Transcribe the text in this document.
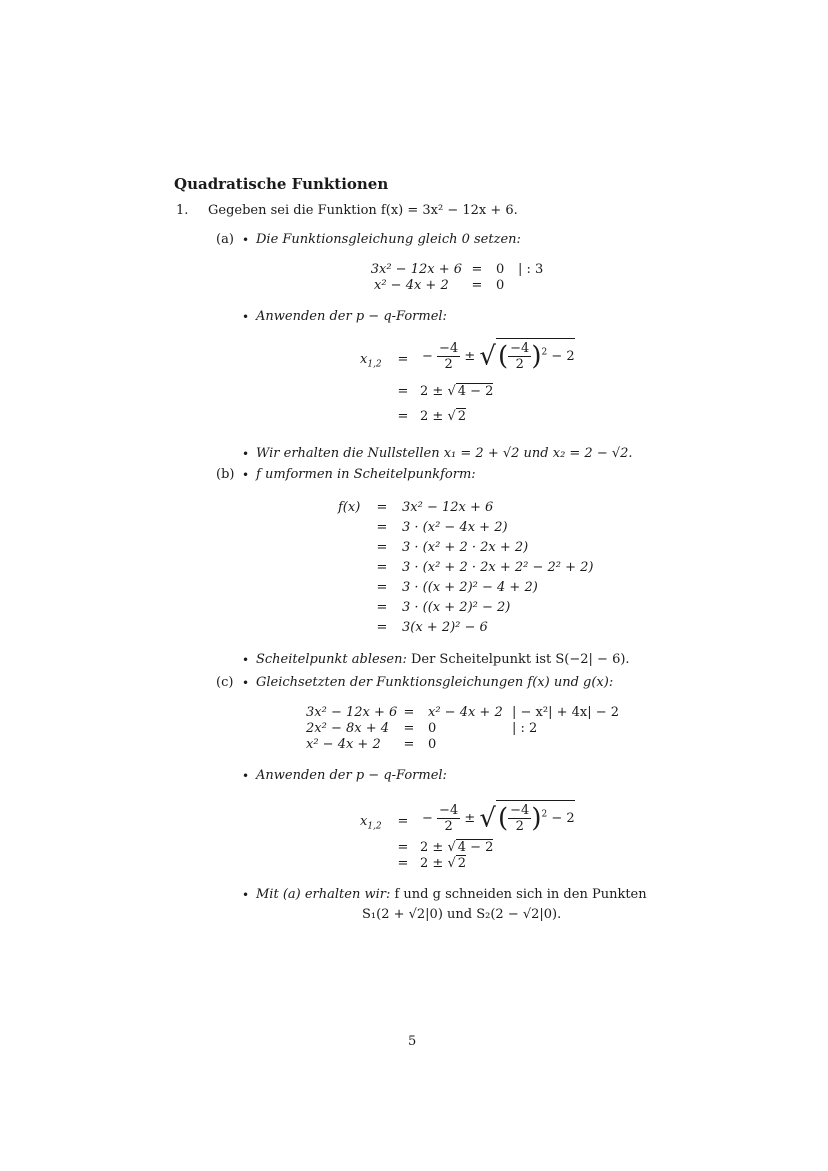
Quadratische Funktionen
1. Gegeben sei die Funktion f(x) = 3x² − 12x + 6.
(a) • Die Funktionsgleichung gleich 0 setzen:
3x² − 12x + 6 = 0 | : 3
x² − 4x + 2 = 0
• Anwenden der p − q-Formel:
$x_{1,2}$ = − $\frac{-4}{2}$ ± √( $\frac{-4}{2} )^2 - 2$
= 2 ± √ 4 − 2
= 2 ± √ 2
• Wir erhalten die Nullstellen x₁ = 2 + √2 und x₂ = 2 − √2.
(b) • f umformen in Scheitelpunkform:
f(x) =
=
=
=
=
=
=
3x² − 12x + 6
3 · (x² − 4x + 2)
3 · (x² + 2 · 2x + 2)
3 · (x² + 2 · 2x + 2² − 2² + 2)
3 · ((x + 2)² − 4 + 2)
3 · ((x + 2)² − 2)
3(x + 2)² − 6
• Scheitelpunkt ablesen: Der Scheitelpunkt ist S(−2| − 6).
(c) • Gleichsetzten der Funktionsgleichungen f(x) und g(x):
3x² − 12x + 6 = x² − 4x + 2 | − x²| + 4x| − 2
2x² − 8x + 4 = 0	| : 2
x² − 4x + 2 = 0
• Anwenden der p − q-Formel:
$x_{1,2}$ = − $\frac{-4}{2}$ ± √( $\frac{-4}{2} )^2 - 2$
= 2 ± √ 4 − 2
= 2 ± √ 2
• Mit (a) erhalten wir: f und g schneiden sich in den Punkten
S₁(2 + √2|0) und S₂(2 − √2|0).
5
